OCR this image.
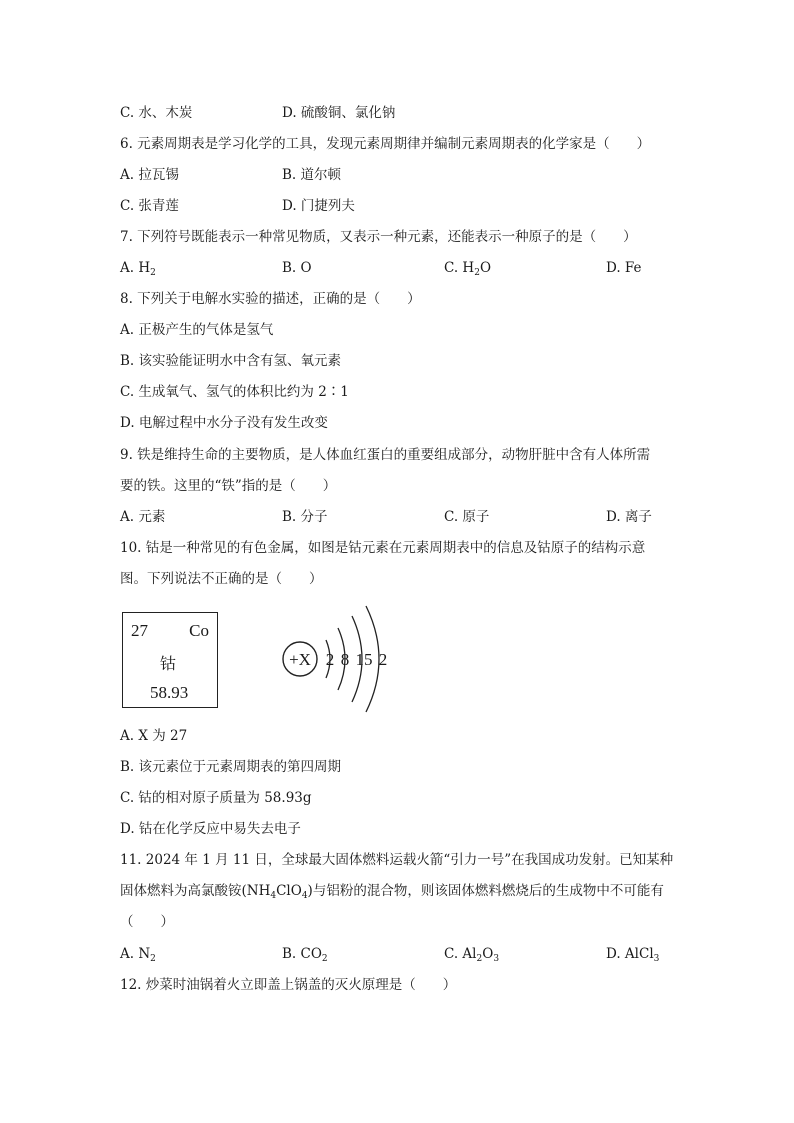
C. 水、木炭	D. 硫酸铜、氯化钠
6. 元素周期表是学习化学的工具，发现元素周期律并编制元素周期表的化学家是（　　）
A. 拉瓦锡	B. 道尔顿
C. 张青莲	D. 门捷列夫
7. 下列符号既能表示一种常见物质，又表示一种元素，还能表示一种原子的是（　　）
A. $H_2$	B. O	C. $H_2O$	D. Fe
8. 下列关于电解水实验的描述，正确的是（　　）
A. 正极产生的气体是氢气
B. 该实验能证明水中含有氢、氧元素
C. 生成氧气、氢气的体积比约为 2∶1
D. 电解过程中水分子没有发生改变
9. 铁是维持生命的主要物质，是人体血红蛋白的重要组成部分，动物肝脏中含有人体所需
要的铁。这里的“铁”指的是（　　）
A. 元素	B. 分子	C. 原子	D. 离子
10. 钴是一种常见的有色金属，如图是钴元素在元素周期表中的信息及钴原子的结构示意
图。下列说法不正确的是（　　）
27 Co
钴
58.93
+X 2 8 15 2
A. X 为 27
B. 该元素位于元素周期表的第四周期
C. 钴的相对原子质量为 58.93g
D. 钴在化学反应中易失去电子
11. 2024 年 1 月 11 日，全球最大固体燃料运载火箭“引力一号”在我国成功发射。已知某种
固体燃料为高氯酸铵$(NH_4ClO_4)$与铝粉的混合物，则该固体燃料燃烧后的生成物中不可能有
（　　）
A. $N_2$	B. $CO_2$	C. $Al_2O_3$	D. AlCl$_3$
12. 炒菜时油锅着火立即盖上锅盖的灭火原理是（　　）
